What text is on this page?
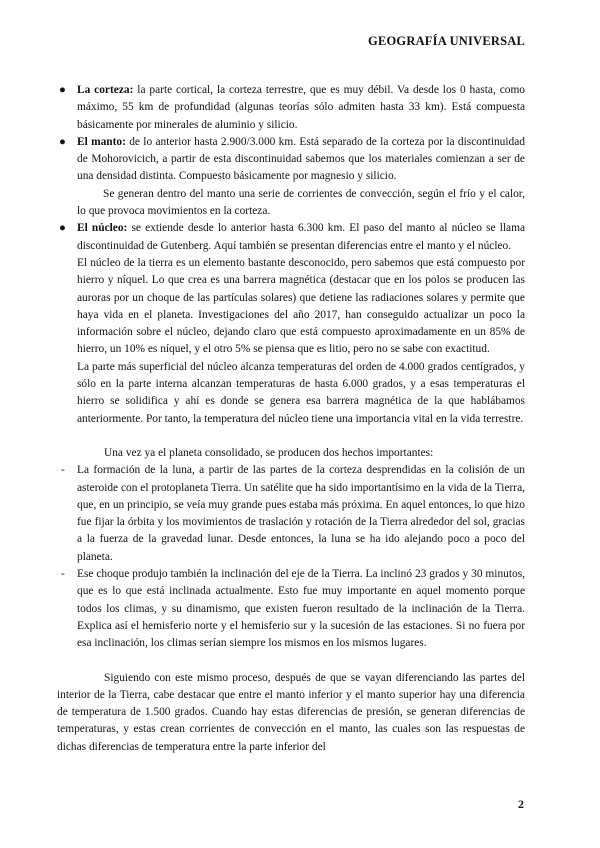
GEOGRAFÍA UNIVERSAL
● La corteza: la parte cortical, la corteza terrestre, que es muy débil. Va desde los 0 hasta, como máximo, 55 km de profundidad (algunas teorías sólo admiten hasta 33 km). Está compuesta básicamente por minerales de aluminio y silicio.
● El manto: de lo anterior hasta 2.900/3.000 km. Está separado de la corteza por la discontinuidad de Mohorovicich, a partir de esta discontinuidad sabemos que los materiales comienzan a ser de una densidad distinta. Compuesto básicamente por magnesio y silicio.

Se generan dentro del manto una serie de corrientes de convección, según el frío y el calor, lo que provoca movimientos en la corteza.

● El núcleo: se extiende desde lo anterior hasta 6.300 km. El paso del manto al núcleo se llama discontinuidad de Gutenberg. Aquí también se presentan diferencias entre el manto y el núcleo.

El núcleo de la tierra es un elemento bastante desconocido, pero sabemos que está compuesto por hierro y níquel. Lo que crea es una barrera magnética (destacar que en los polos se producen las auroras por un choque de las partículas solares) que detiene las radiaciones solares y permite que haya vida en el planeta. Investigaciones del año 2017, han conseguido actualizar un poco la información sobre el núcleo, dejando claro que está compuesto aproximadamente en un 85% de hierro, un 10% es níquel, y el otro 5% se piensa que es litio, pero no se sabe con exactitud.

La parte más superficial del núcleo alcanza temperaturas del orden de 4.000 grados centígrados, y sólo en la parte interna alcanzan temperaturas de hasta 6.000 grados, y a esas temperaturas el hierro se solidifica y ahí es donde se genera esa barrera magnética de la que hablábamos anteriormente. Por tanto, la temperatura del núcleo tiene una importancia vital en la vida terrestre.

Una vez ya el planeta consolidado, se producen dos hechos importantes:

- La formación de la luna, a partir de las partes de la corteza desprendidas en la colisión de un asteroide con el protoplaneta Tierra. Un satélite que ha sido importantísimo en la vida de la Tierra, que, en un principio, se veía muy grande pues estaba más próxima. En aquel entonces, lo que hizo fue fijar la órbita y los movimientos de traslación y rotación de la Tierra alrededor del sol, gracias a la fuerza de la gravedad lunar. Desde entonces, la luna se ha ido alejando poco a poco del planeta.
- Ese choque produjo también la inclinación del eje de la Tierra. La inclinó 23 grados y 30 minutos, que es lo que está inclinada actualmente. Esto fue muy importante en aquel momento porque todos los climas, y su dinamismo, que existen fueron resultado de la inclinación de la Tierra. Explica así el hemisferio norte y el hemisferio sur y la sucesión de las estaciones. Si no fuera por esa inclinación, los climas serían siempre los mismos en los mismos lugares.

Siguiendo con este mismo proceso, después de que se vayan diferenciando las partes del interior de la Tierra, cabe destacar que entre el manto inferior y el manto superior hay una diferencia de temperatura de 1.500 grados. Cuando hay estas diferencias de presión, se generan diferencias de temperaturas, y estas crean corrientes de convección en el manto, las cuales son las respuestas de dichas diferencias de temperatura entre la parte inferior del

2
